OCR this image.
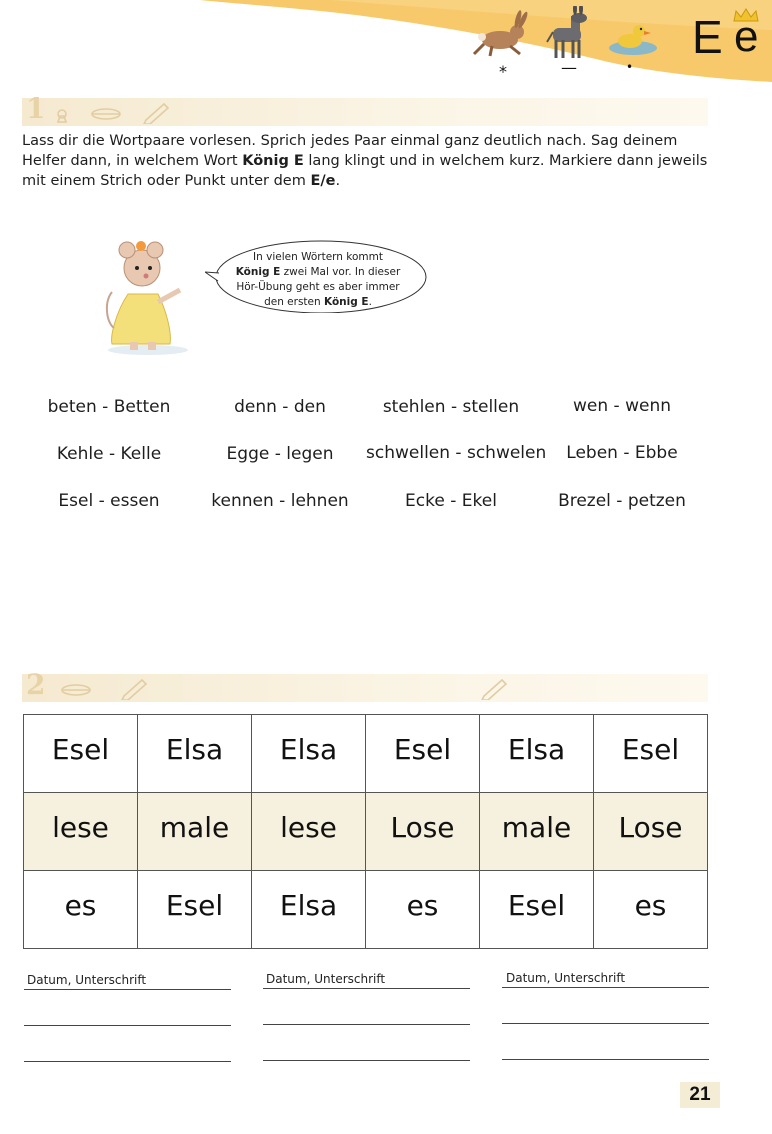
*	—	•
E e
1
Lass dir die Wortpaare vorlesen. Sprich jedes Paar einmal ganz deutlich nach. Sag deinem Helfer dann, in welchem Wort König E lang klingt und in welchem kurz. Markiere dann jeweils mit einem Strich oder Punkt unter dem E/e.
In vielen Wörtern kommt
König E zwei Mal vor. In dieser
Hör-Übung geht es aber immer
den ersten König E.
beten - Betten	denn - den	stehlen - stellen	wen - wenn
Kehle - Kelle	Egge - legen	schwellen - schwelen	Leben - Ebbe
Esel - essen	kennen - lehnen	Ecke - Ekel	Brezel - petzen
2
Esel	Elsa	Elsa	Esel	Elsa	Esel
lese	male	lese	Lose	male	Lose
es	Esel	Elsa	es	Esel	es
Datum, Unterschrift	Datum, Unterschrift	Datum, Unterschrift
21
